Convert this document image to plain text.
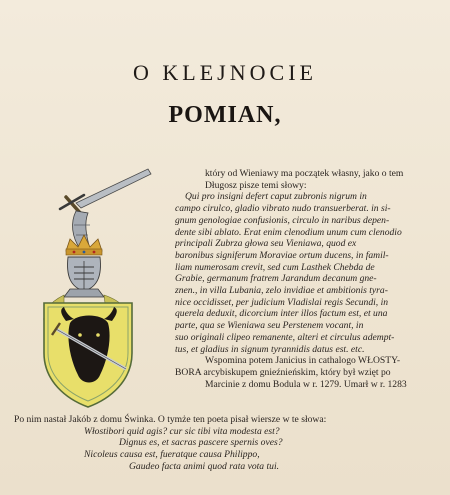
O KLEJNOCIE
POMIAN,
który od Wieniawy ma początek własny, jako o tem
Długosz pisze temi słowy:
Qui pro insigni defert caput zubronis nigrum in
campo cirulco, gladio vibrato nudo transuerberat. in si-
gnum genologiae confusionis, circulo in naribus depen-
dente sibi ablato. Erat enim clenodium unum cum clenodio
principali Zubrza głowa seu Vieniawa, quod ex
baronibus signiferum Moraviae ortum ducens, in famil-
liam numerosam crevit, sed cum Lasthek Chebda de
Grabie, germanum fratrem Jarandum decanum gne-
znen., in villa Lubania, zelo invidiae et ambitionis tyra-
nice occidisset, per judicium Vladislai regis Secundi, in
querela deduxit, dicorcium inter illos factum est, et una
parte, qua se Wieniawa seu Perstenem vocant, in
suo originali clipeo remanente, alteri et circulus adempt-
tus, et gladius in signum tyrannidis datus est. etc.
Wspomina potem Janicius in cathalogo WŁOSTY-
BORA arcybiskupem gnieźnieńskim, który był wzięt po
Marcinie z domu Bodula w r. 1279. Umarł w r. 1283
Po nim nastał Jakób z domu Świnka. O tymże ten poeta pisał wiersze w te słowa:
Włostibori quid agis? cur sic tibi vita modesta est?
Dignus es, et sacras pascere spernis oves?
Nicoleus causa est, fueratque causa Philippo,
Gaudeo facta animi quod rata vota tui.
